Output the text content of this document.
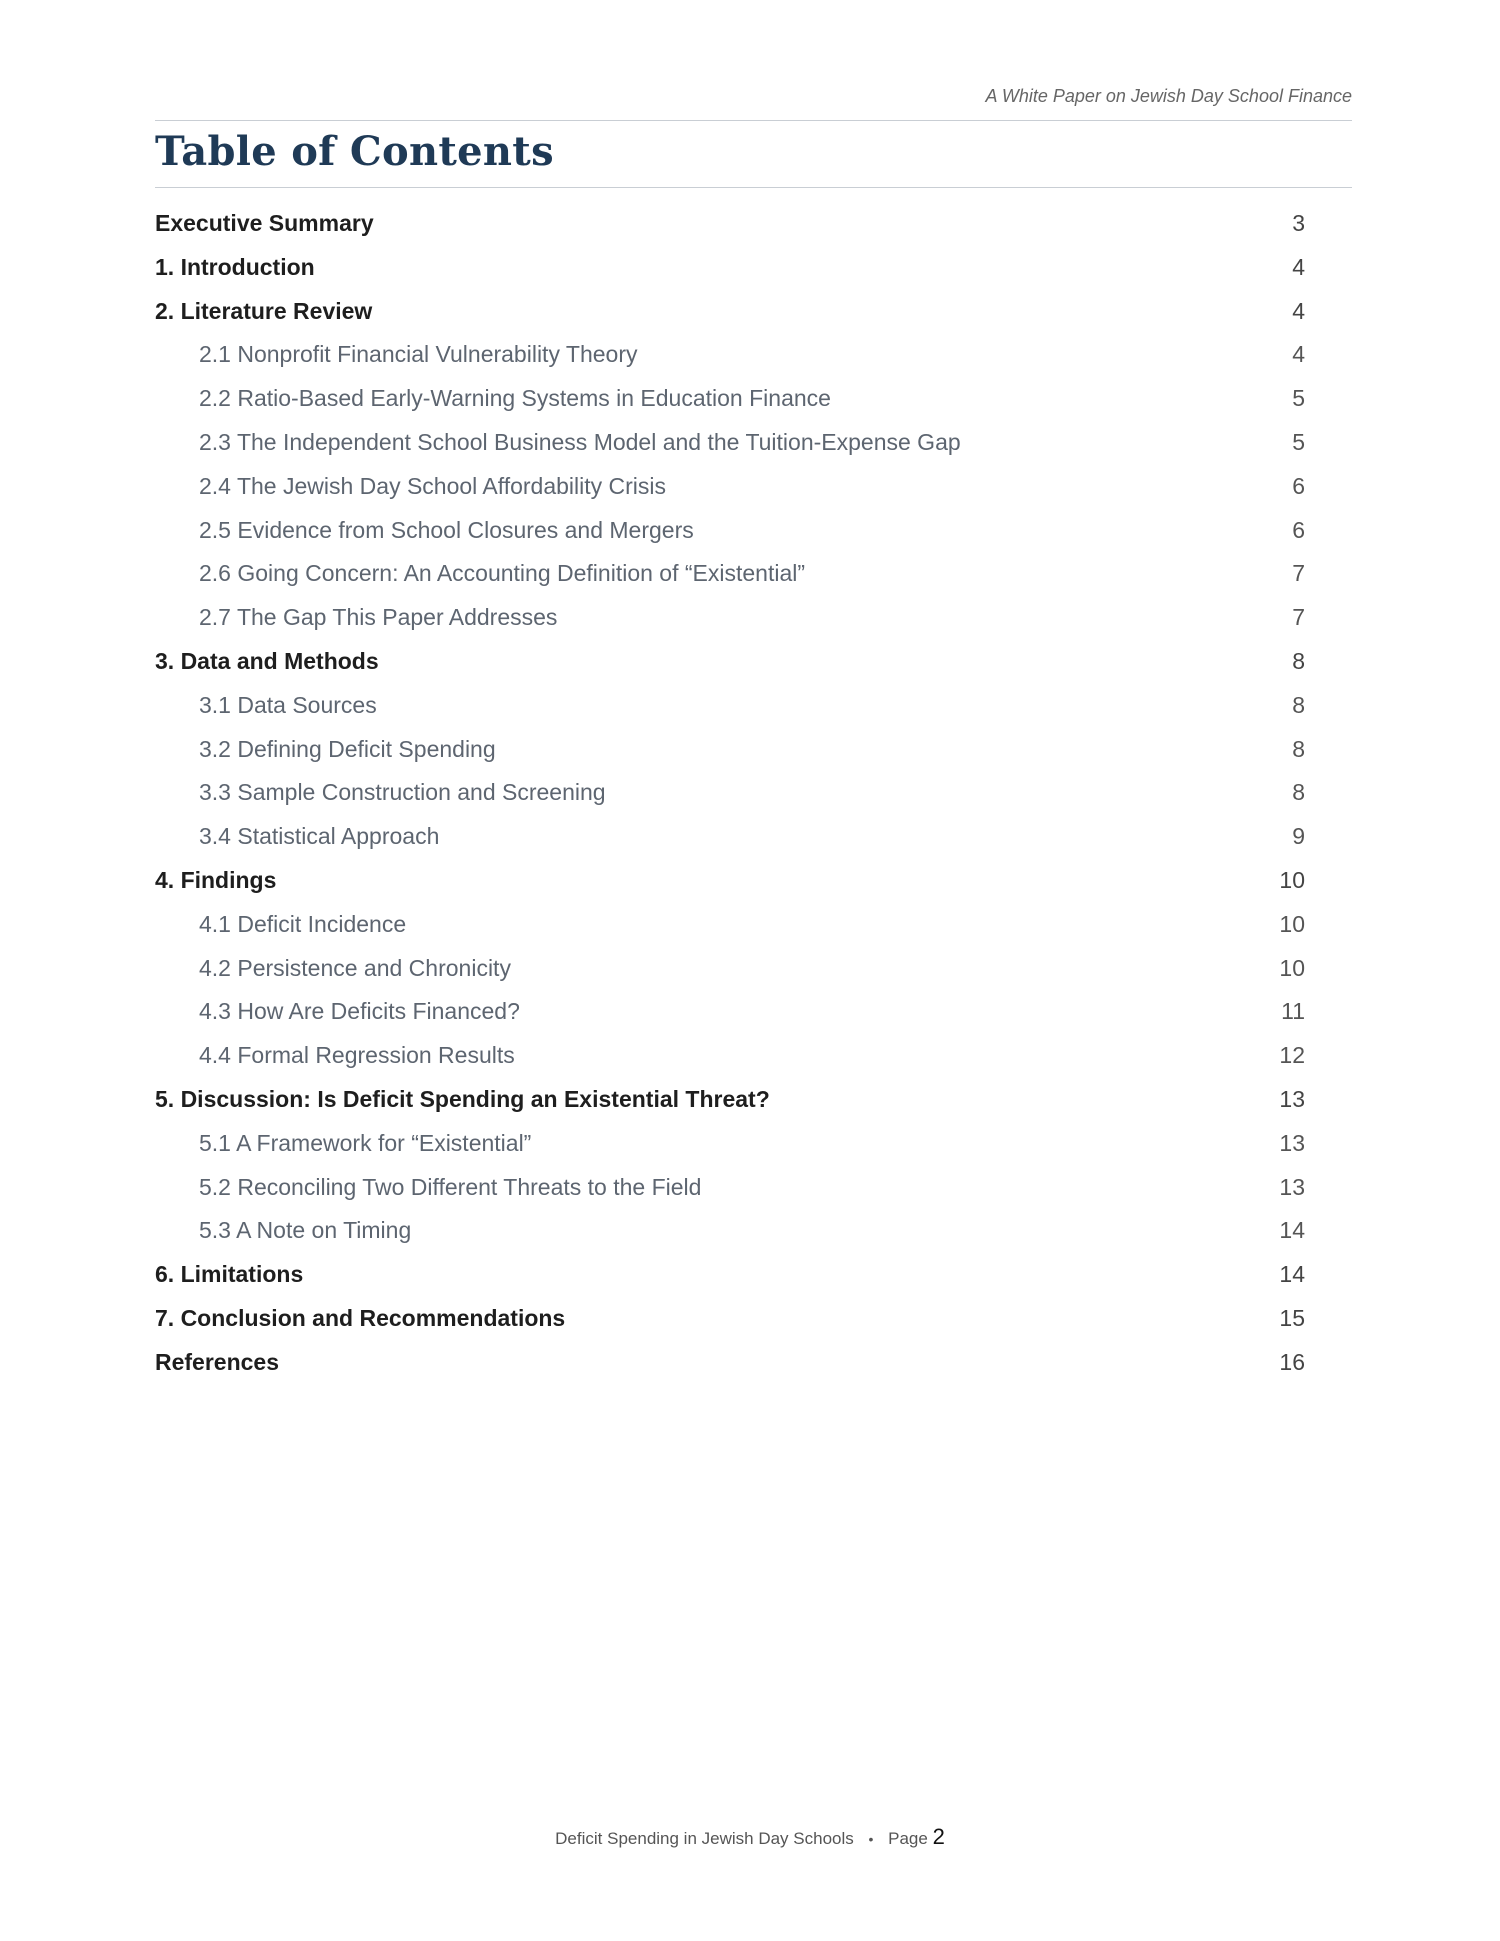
A White Paper on Jewish Day School Finance
Table of Contents
Executive Summary	3
1. Introduction	4
2. Literature Review	4
2.1 Nonprofit Financial Vulnerability Theory	4
2.2 Ratio-Based Early-Warning Systems in Education Finance	5
2.3 The Independent School Business Model and the Tuition-Expense Gap	5
2.4 The Jewish Day School Affordability Crisis	6
2.5 Evidence from School Closures and Mergers	6
2.6 Going Concern: An Accounting Definition of “Existential”	7
2.7 The Gap This Paper Addresses	7
3. Data and Methods	8
3.1 Data Sources	8
3.2 Defining Deficit Spending	8
3.3 Sample Construction and Screening	8
3.4 Statistical Approach	9
4. Findings	10
4.1 Deficit Incidence	10
4.2 Persistence and Chronicity	10
4.3 How Are Deficits Financed?	11
4.4 Formal Regression Results	12
5. Discussion: Is Deficit Spending an Existential Threat?	13
5.1 A Framework for “Existential”	13
5.2 Reconciling Two Different Threats to the Field	13
5.3 A Note on Timing	14
6. Limitations	14
7. Conclusion and Recommendations	15
References	16
Deficit Spending in Jewish Day Schools • Page 2
